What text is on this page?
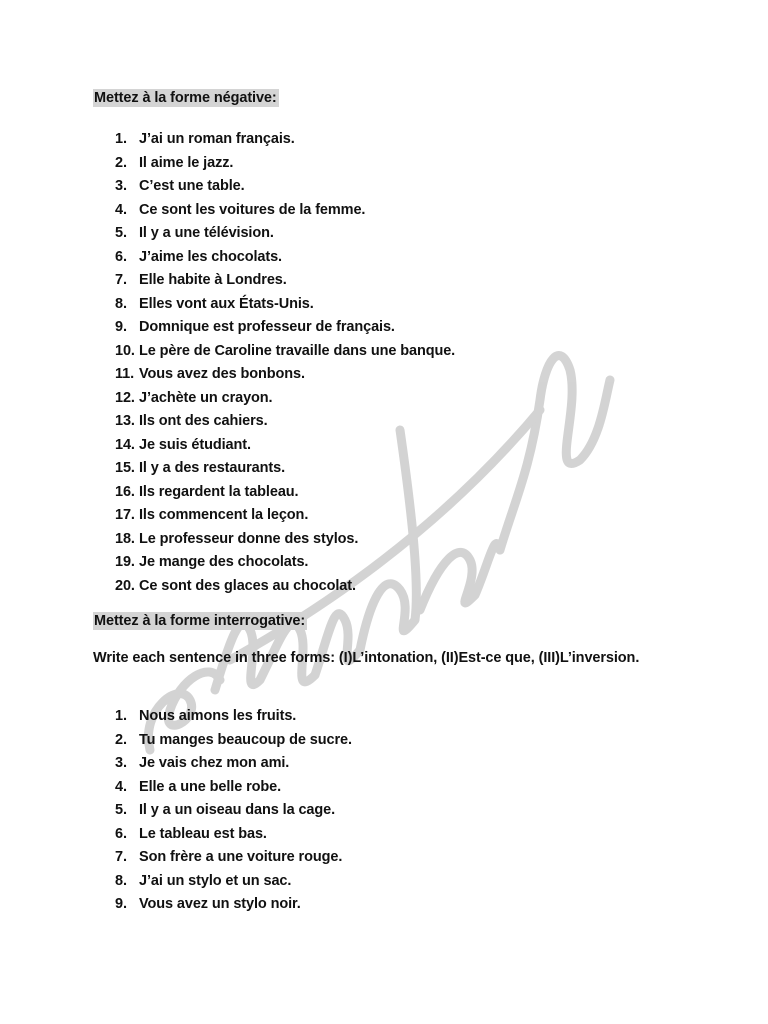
Mettez à la forme négative:
1. J’ai un roman français.
2. Il aime le jazz.
3. C’est une table.
4. Ce sont les voitures de la femme.
5. Il y a une télévision.
6. J’aime les chocolats.
7. Elle habite à Londres.
8. Elles vont aux États-Unis.
9. Domnique est professeur de français.
10. Le père de Caroline travaille dans une banque.
11. Vous avez des bonbons.
12. J’achète un crayon.
13. Ils ont des cahiers.
14. Je suis étudiant.
15. Il y a des restaurants.
16. Ils regardent la tableau.
17. Ils commencent la leçon.
18. Le professeur donne des stylos.
19. Je mange des chocolats.
20. Ce sont des glaces au chocolat.
Mettez à la forme interrogative:
Write each sentence in three forms: (I)L’intonation, (II)Est-ce que, (III)L’inversion.
1. Nous aimons les fruits.
2. Tu manges beaucoup de sucre.
3. Je vais chez mon ami.
4. Elle a une belle robe.
5. Il y a un oiseau dans la cage.
6. Le tableau est bas.
7. Son frère a une voiture rouge.
8. J’ai un stylo et un sac.
9. Vous avez un stylo noir.
